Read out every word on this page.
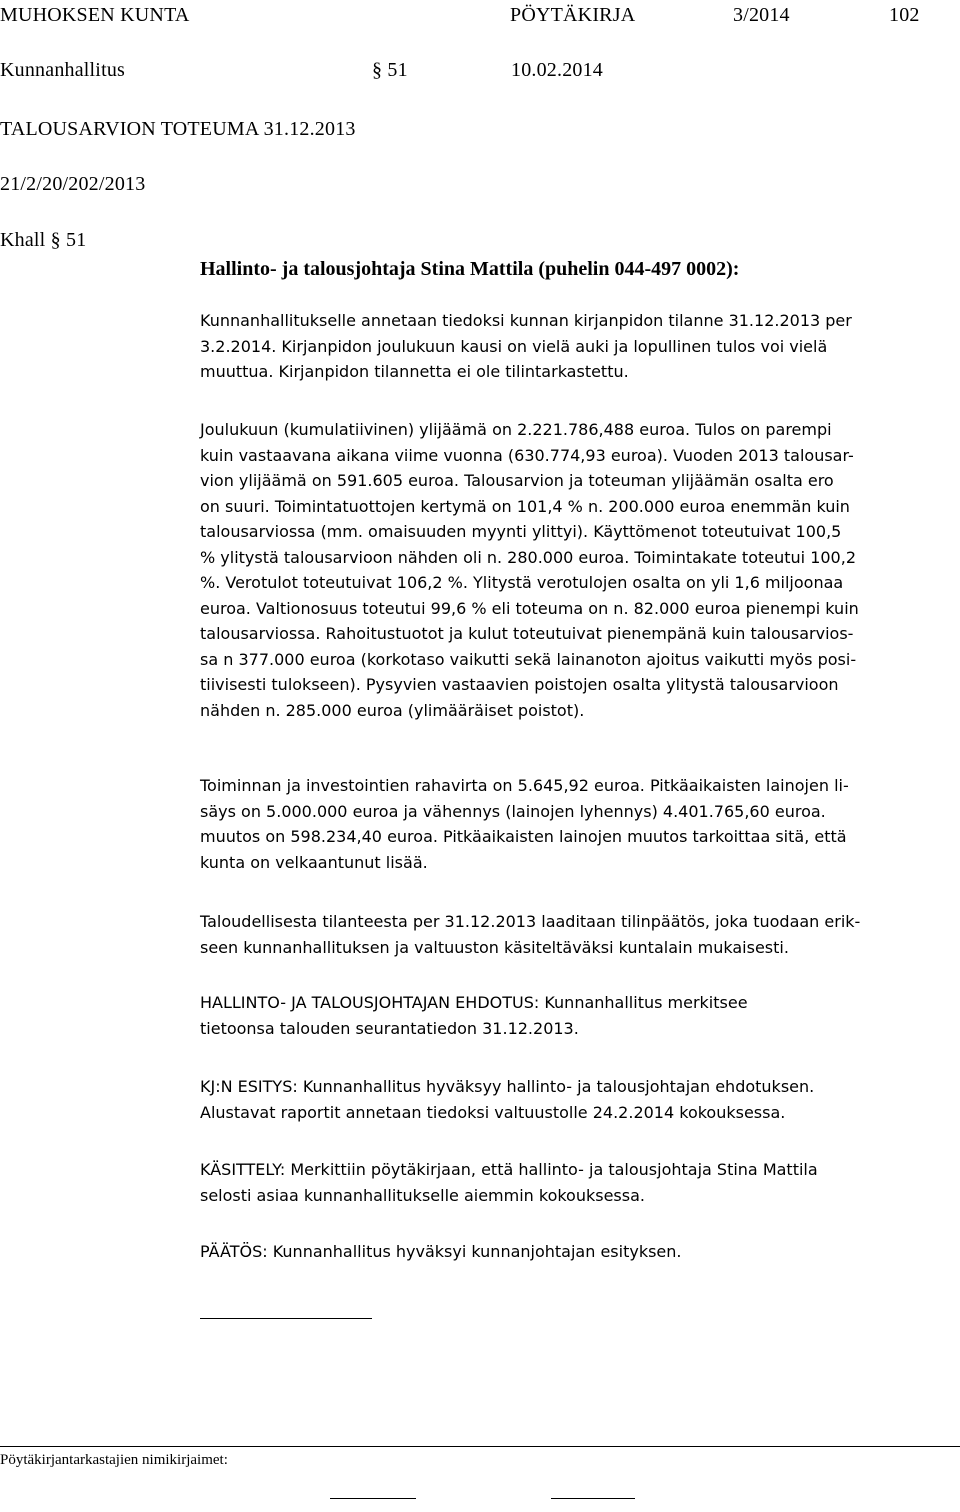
MUHOKSEN KUNTA	PÖYTÄKIRJA	3/2014	102
Kunnanhallitus	§ 51	10.02.2014
TALOUSARVION TOTEUMA 31.12.2013
21/2/20/202/2013
Khall § 51
Hallinto- ja talousjohtaja Stina Mattila (puhelin 044-497 0002):
Kunnanhallitukselle annetaan tiedoksi kunnan kirjanpidon tilanne 31.12.2013 per
3.2.2014. Kirjanpidon joulukuun kausi on vielä auki ja lopullinen tulos voi vielä
muuttua. Kirjanpidon tilannetta ei ole tilintarkastettu.
Joulukuun (kumulatiivinen) ylijäämä on 2.221.786,488 euroa. Tulos on parempi
kuin vastaavana aikana viime vuonna (630.774,93 euroa). Vuoden 2013 talousar-
vion ylijäämä on 591.605 euroa. Talousarvion ja toteuman ylijäämän osalta ero
on suuri. Toimintatuottojen kertymä on 101,4 % n. 200.000 euroa enemmän kuin
talousarviossa (mm. omaisuuden myynti ylittyi). Käyttömenot toteutuivat 100,5
% ylitystä talousarvioon nähden oli n. 280.000 euroa. Toimintakate toteutui 100,2
%. Verotulot toteutuivat 106,2 %. Ylitystä verotulojen osalta on yli 1,6 miljoonaa
euroa. Valtionosuus toteutui 99,6 % eli toteuma on n. 82.000 euroa pienempi kuin
talousarviossa. Rahoitustuotot ja kulut toteutuivat pienempänä kuin talousarvios-
sa n 377.000 euroa (korkotaso vaikutti sekä lainanoton ajoitus vaikutti myös posi-
tiivisesti tulokseen). Pysyvien vastaavien poistojen osalta ylitystä talousarvioon
nähden n. 285.000 euroa (ylimääräiset poistot).
Toiminnan ja investointien rahavirta on 5.645,92 euroa. Pitkäaikaisten lainojen li-
säys on 5.000.000 euroa ja vähennys (lainojen lyhennys) 4.401.765,60 euroa.
muutos on 598.234,40 euroa. Pitkäaikaisten lainojen muutos tarkoittaa sitä, että
kunta on velkaantunut lisää.
Taloudellisesta tilanteesta per 31.12.2013 laaditaan tilinpäätös, joka tuodaan erik-
seen kunnanhallituksen ja valtuuston käsiteltäväksi kuntalain mukaisesti.
HALLINTO- JA TALOUSJOHTAJAN EHDOTUS: Kunnanhallitus merkitsee
tietoonsa talouden seurantatiedon 31.12.2013.
KJ:N ESITYS: Kunnanhallitus hyväksyy hallinto- ja talousjohtajan ehdotuksen.
Alustavat raportit annetaan tiedoksi valtuustolle 24.2.2014 kokouksessa.
KÄSITTELY: Merkittiin pöytäkirjaan, että hallinto- ja talousjohtaja Stina Mattila
selosti asiaa kunnanhallitukselle aiemmin kokouksessa.
PÄÄTÖS: Kunnanhallitus hyväksyi kunnanjohtajan esityksen.
Pöytäkirjantarkastajien nimikirjaimet:
